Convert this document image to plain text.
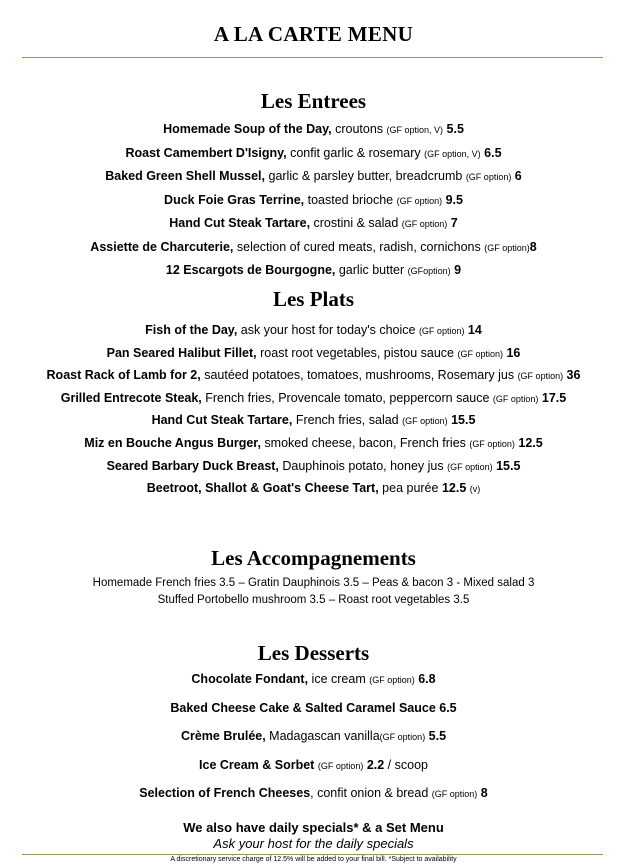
A LA CARTE MENU
Les Entrees
Homemade Soup of the Day, croutons (GF option, V) 5.5
Roast Camembert D'Isigny, confit garlic & rosemary (GF option, V) 6.5
Baked Green Shell Mussel, garlic & parsley butter, breadcrumb (GF option) 6
Duck Foie Gras Terrine, toasted brioche (GF option) 9.5
Hand Cut Steak Tartare, crostini & salad (GF option) 7
Assiette de Charcuterie, selection of cured meats, radish, cornichons (GF option)8
12 Escargots de Bourgogne, garlic butter (GFoption) 9
Les Plats
Fish of the Day, ask your host for today's choice (GF option) 14
Pan Seared Halibut Fillet, roast root vegetables, pistou sauce (GF option) 16
Roast Rack of Lamb for 2, sautéed potatoes, tomatoes, mushrooms, Rosemary jus (GF option) 36
Grilled Entrecote Steak, French fries, Provencale tomato, peppercorn sauce (GF option) 17.5
Hand Cut Steak Tartare, French fries, salad (GF option) 15.5
Miz en Bouche Angus Burger, smoked cheese, bacon, French fries (GF option) 12.5
Seared Barbary Duck Breast, Dauphinois potato, honey jus (GF option) 15.5
Beetroot, Shallot & Goat's Cheese Tart, pea purée 12.5 (v)
Les Accompagnements
Homemade French fries 3.5 – Gratin Dauphinois 3.5 – Peas & bacon 3 - Mixed salad 3
Stuffed Portobello mushroom 3.5 – Roast root vegetables 3.5
Les Desserts
Chocolate Fondant, ice cream (GF option) 6.8
Baked Cheese Cake & Salted Caramel Sauce 6.5
Crème Brulée, Madagascan vanilla(GF option) 5.5
Ice Cream & Sorbet (GF option) 2.2 / scoop
Selection of French Cheeses, confit onion & bread (GF option) 8
We also have daily specials* & a Set Menu
Ask your host for the daily specials
A discretionary service charge of 12.5% will be added to your final bill. *Subject to availability
